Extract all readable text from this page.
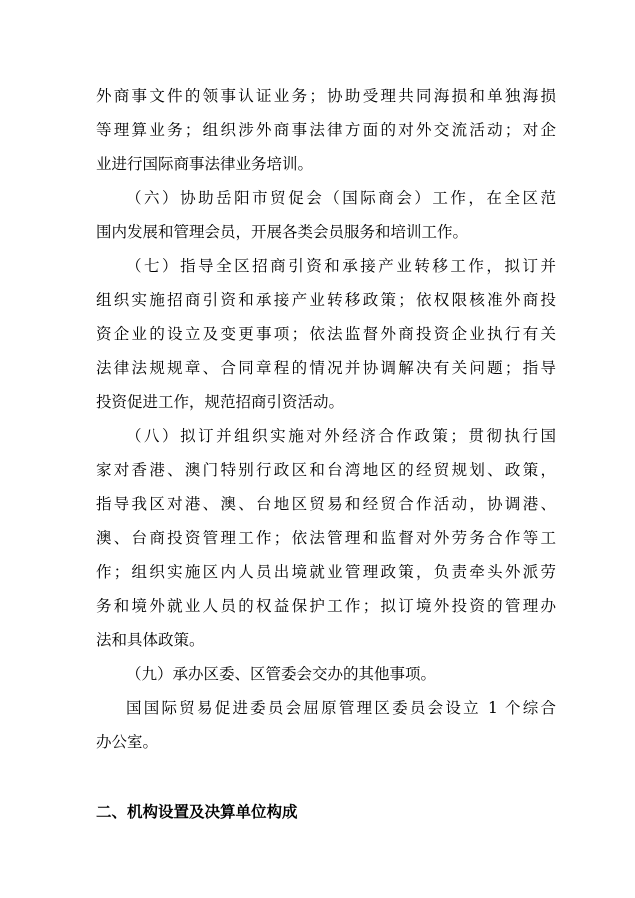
外商事文件的领事认证业务；协助受理共同海损和单独海损
等理算业务；组织涉外商事法律方面的对外交流活动；对企
业进行国际商事法律业务培训。
（六）协助岳阳市贸促会（国际商会）工作，在全区范
围内发展和管理会员，开展各类会员服务和培训工作。
（七）指导全区招商引资和承接产业转移工作，拟订并
组织实施招商引资和承接产业转移政策；依权限核准外商投
资企业的设立及变更事项；依法监督外商投资企业执行有关
法律法规规章、合同章程的情况并协调解决有关问题；指导
投资促进工作，规范招商引资活动。
（八）拟订并组织实施对外经济合作政策；贯彻执行国
家对香港、澳门特别行政区和台湾地区的经贸规划、政策，
指导我区对港、澳、台地区贸易和经贸合作活动，协调港、
澳、台商投资管理工作；依法管理和监督对外劳务合作等工
作；组织实施区内人员出境就业管理政策，负责牵头外派劳
务和境外就业人员的权益保护工作；拟订境外投资的管理办
法和具体政策。
（九）承办区委、区管委会交办的其他事项。
国国际贸易促进委员会屈原管理区委员会设立 1 个综合
办公室。
二、机构设置及决算单位构成
